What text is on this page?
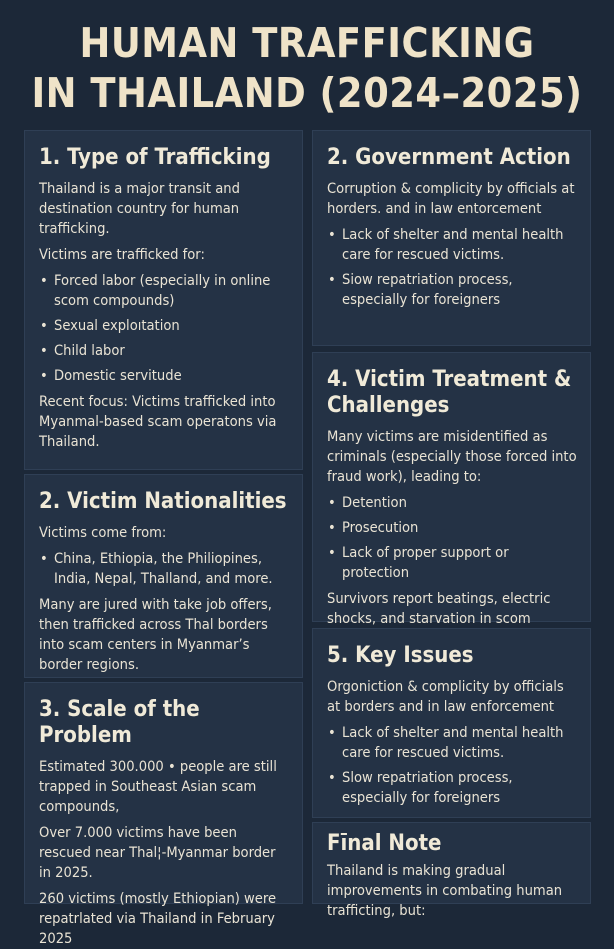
HUMAN TRAFFICKING
IN THAILAND (2024–2025)
1. Type of Trafficking
Thailand is a major transit and destination country for human trafficking.
Victims are trafficked for:
• Forced labor (especially in online scom compounds)
• Sexual exploıtation
• Child labor
• Domestic servitude
Recent focus: Victims trafficked into Myanmal-based scam operatons via Thailand.
2. Victim Nationalities
Victims come from:
• China, Ethiopia, the Philiopines, India, Nepal, Thalland, and more.
Many are jured with take job offers, then trafficked across Thal borders into scam centers in Myanmar’s border regions.
3. Scale of the Problem
Estimated 300.000 • people are still trapped in Southeast Asian scam compounds,
Over 7.000 victims have been rescued near Thal¦-Myanmar border in 2025.
260 victims (mostly Ethiopian) were repatrlated via Thailand in February 2025
2. Government Action
Corruption & complicity by officials at horders. and in law entorcement
• Lack of shelter and mental health care for rescued victims.
• Siow repatriation process, especially for foreigners
4. Victim Treatment & Challenges
Many victims are misidentified as criminals (especially those forced into fraud work), leading to:
• Detention
• Prosecution
• Lack of proper support or protection
Survivors report beatings, electric shocks, and starvation in scom
5. Key Issues
Orgoniction & complicity by officials at borders and in law enforcement
• Lack of shelter and mental health care for rescued victims.
• Slow repatriation process, especially for foreigners
Fīnal Note
Thailand is making gradual improvements in combating human trafficting, but:
